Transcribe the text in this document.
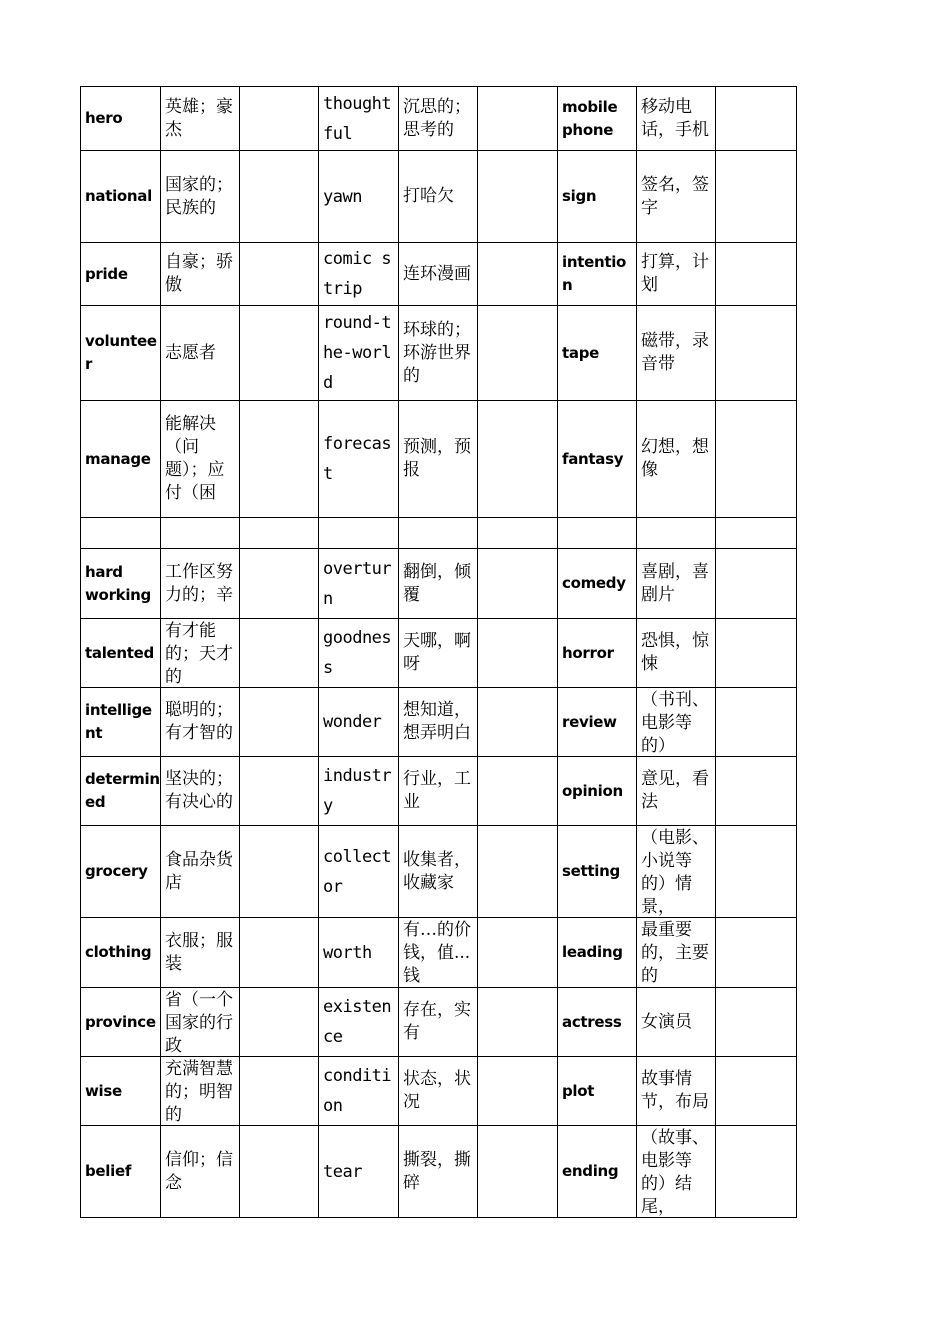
hero	英雄；豪杰		thoughtful	沉思的；思考的		mobile phone	移动电话，手机	

national	国家的；民族的		yawn	打哈欠		sign	签名，签字	

pride	自豪；骄傲		comic strip	连环漫画		intention	打算，计划	

volunteer	志愿者		round-the-world	环球的；环游世界的		tape	磁带，录音带	

manage	能解决（问题）；应付（困		forecast	预测，预报		fantasy	幻想，想像	

hard working	工作区努力的；辛		overturn	翻倒，倾覆		comedy	喜剧，喜剧片	

talented	有才能的；天才的		goodness	天哪，啊呀		horror	恐惧，惊悚	

intelligent	聪明的；有才智的		wonder	想知道，想弄明白		review	（书刊、电影等的）	

determined	坚决的；有决心的		industry	行业，工业		opinion	意见，看法	

grocery	食品杂货店		collector	收集者，收藏家		setting	（电影、小说等的）情景，	

clothing	衣服；服装		worth	有…的价钱，值...钱		leading	最重要的，主要的	

province	省（一个国家的行政		existence	存在，实有		actress	女演员	

wise	充满智慧的；明智的		condition	状态，状况		plot	故事情节，布局	

belief	信仰；信念		tear	撕裂，撕碎		ending	（故事、电影等的）结尾，	
